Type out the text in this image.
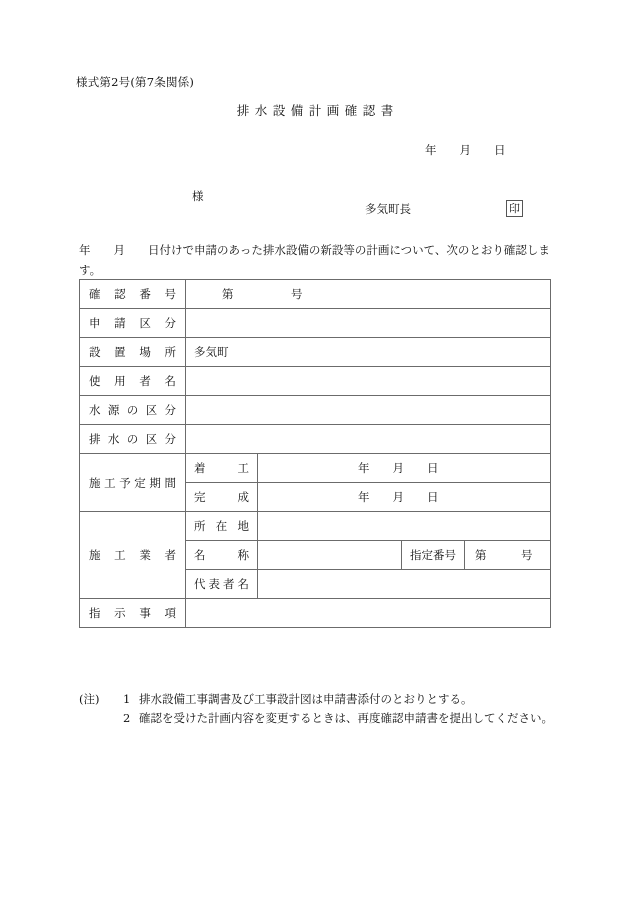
様式第2号(第7条関係)
排水設備計画確認書
年　　月　　日
様
多気町長	印
年　　月　　日付けで申請のあった排水設備の新設等の計画について、次のとおり確認します。
確認番号	第　　　　　号			
申請区分				
設置場所	多気町			
使用者名				
水源の区分				
排水の区分				
施工予定期間	着工	年　　月　　日		
	完成	年　　月　　日		
施工業者	所在地			
	名称		指定番号	第　　　号
	代表者名			
指示事項				
(注)	1 排水設備工事調書及び工事設計図は申請書添付のとおりとする。
2 確認を受けた計画内容を変更するときは、再度確認申請書を提出してください。
